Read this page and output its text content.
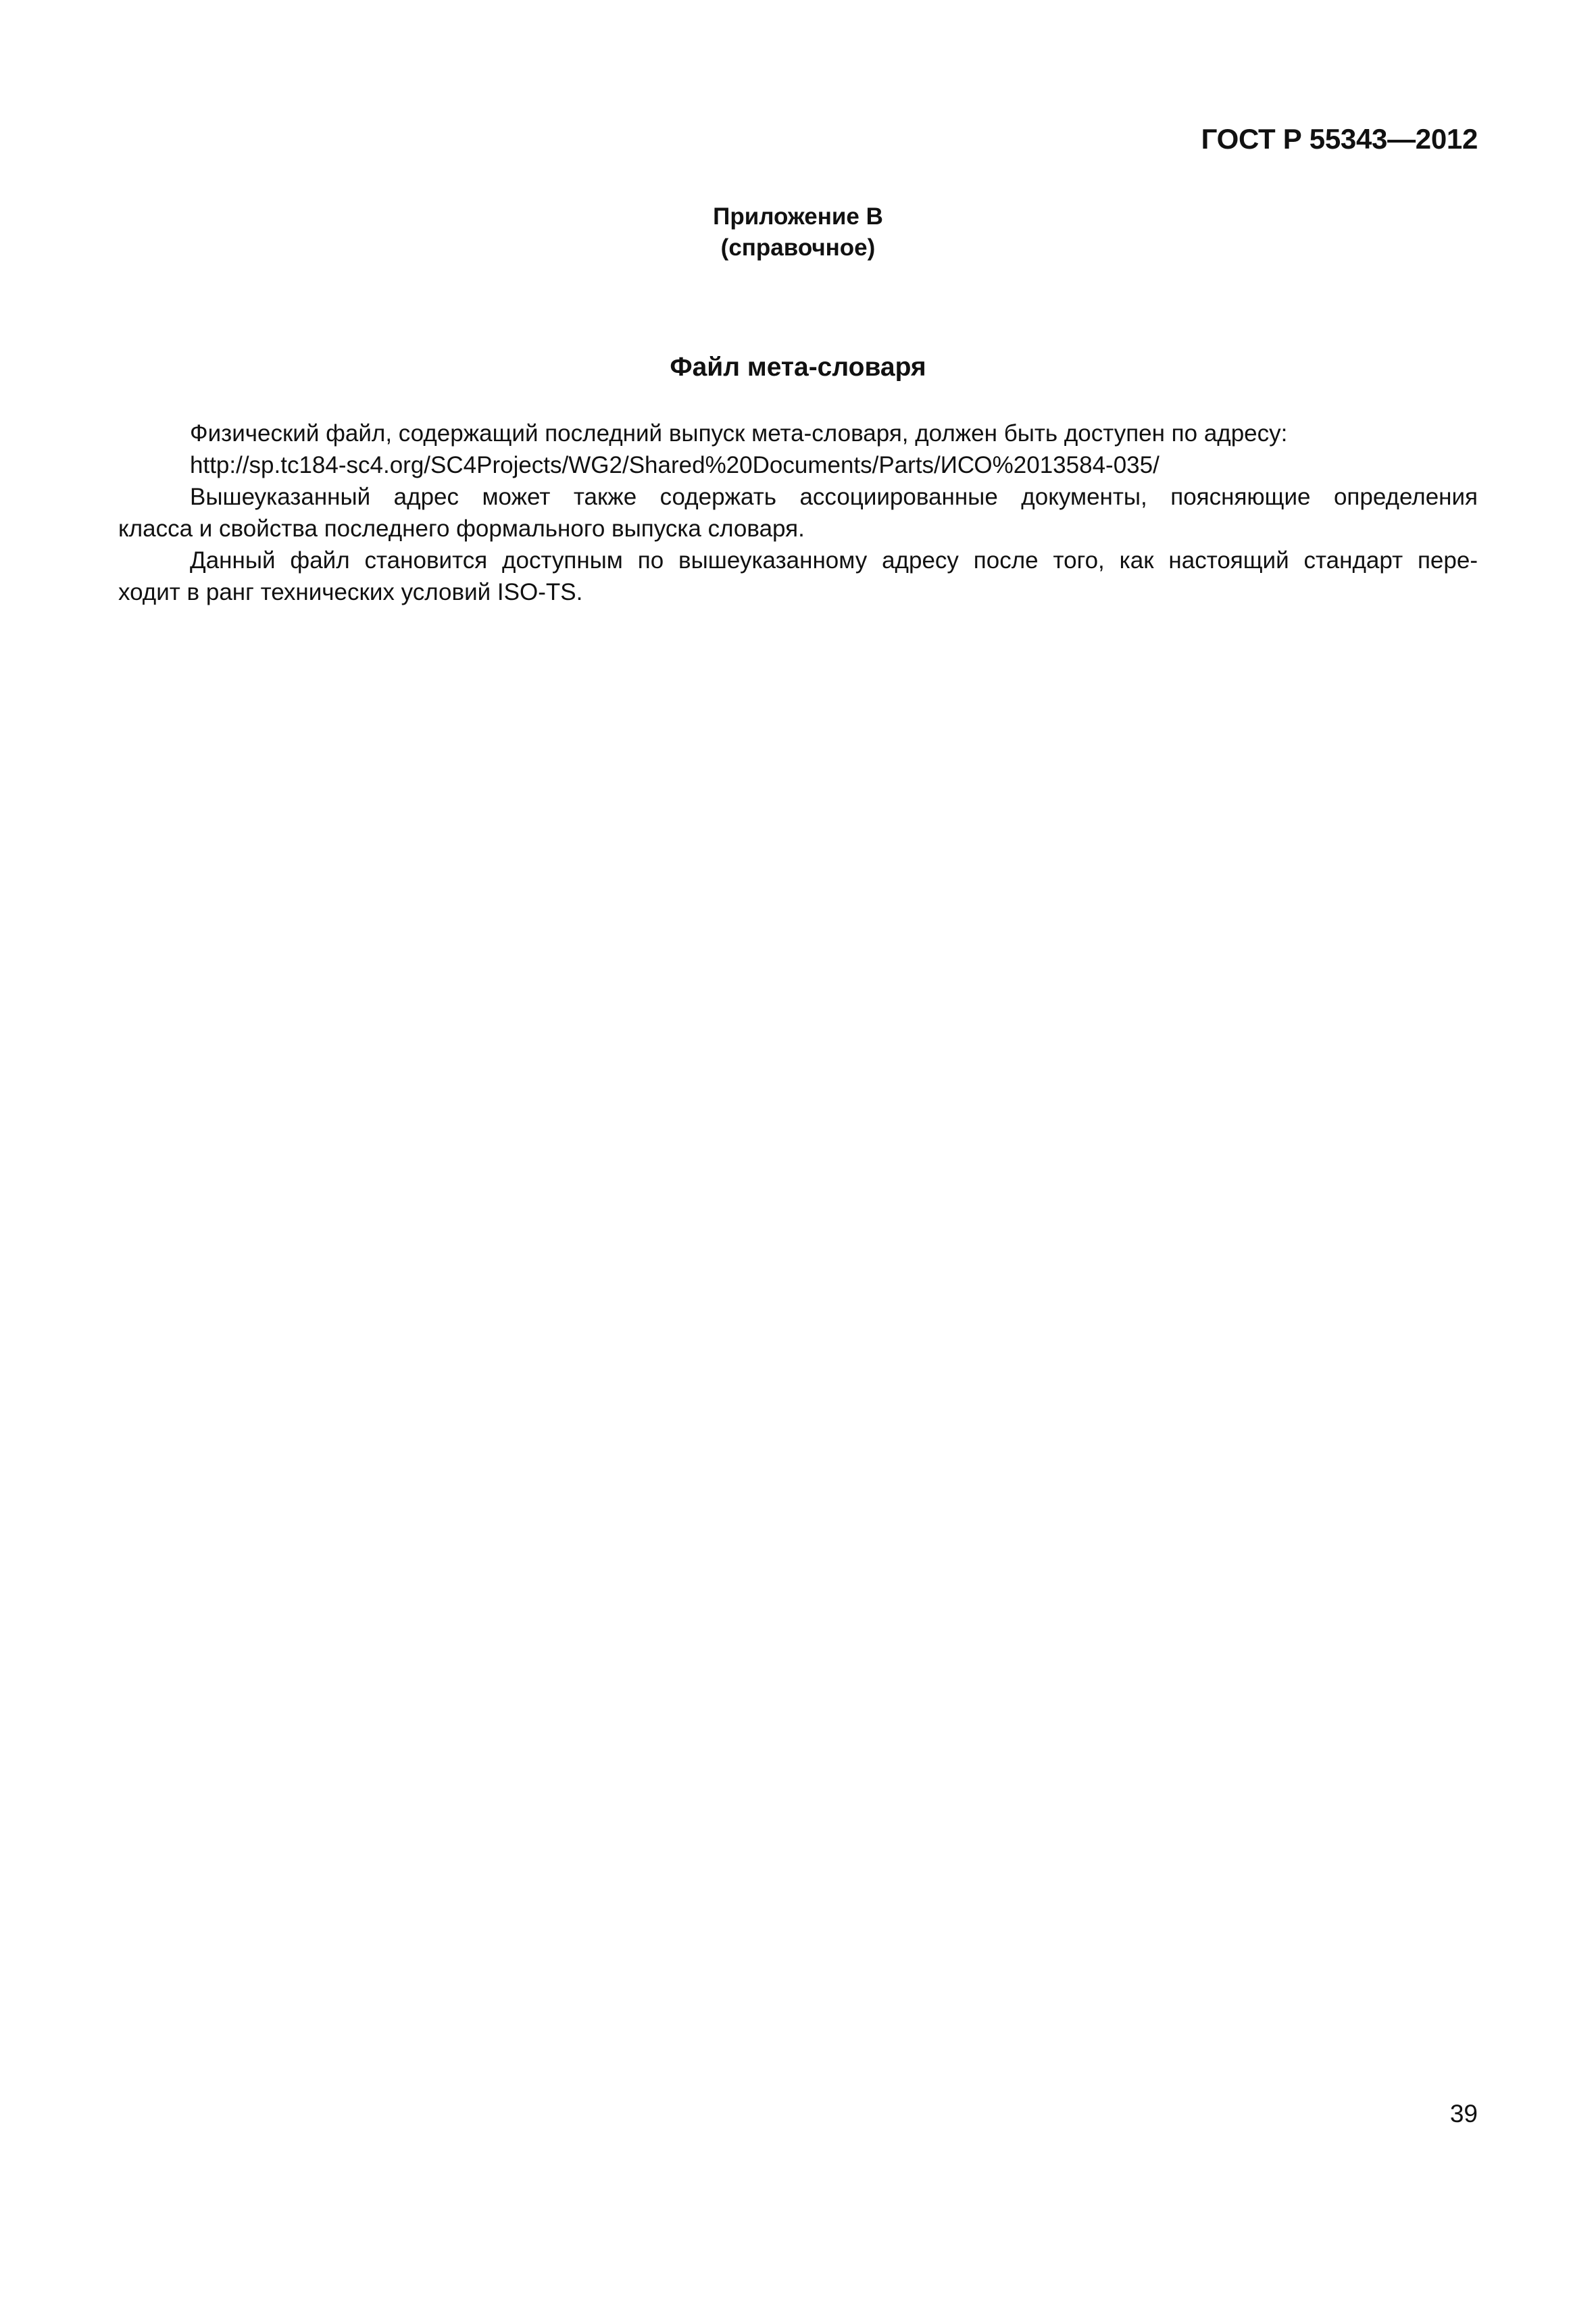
ГОСТ Р 55343—2012
Приложение В
(справочное)
Файл мета-словаря
Физический файл, содержащий последний выпуск мета-словаря, должен быть доступен по адресу:
http://sp.tc184-sc4.org/SC4Projects/WG2/Shared%20Documents/Parts/ИСО%2013584-035/
Вышеуказанный адрес может также содержать ассоциированные документы, поясняющие определения
класса и свойства последнего формального выпуска словаря.
Данный файл становится доступным по вышеуказанному адресу после того, как настоящий стандарт пере-
ходит в ранг технических условий ISO-TS.
39
